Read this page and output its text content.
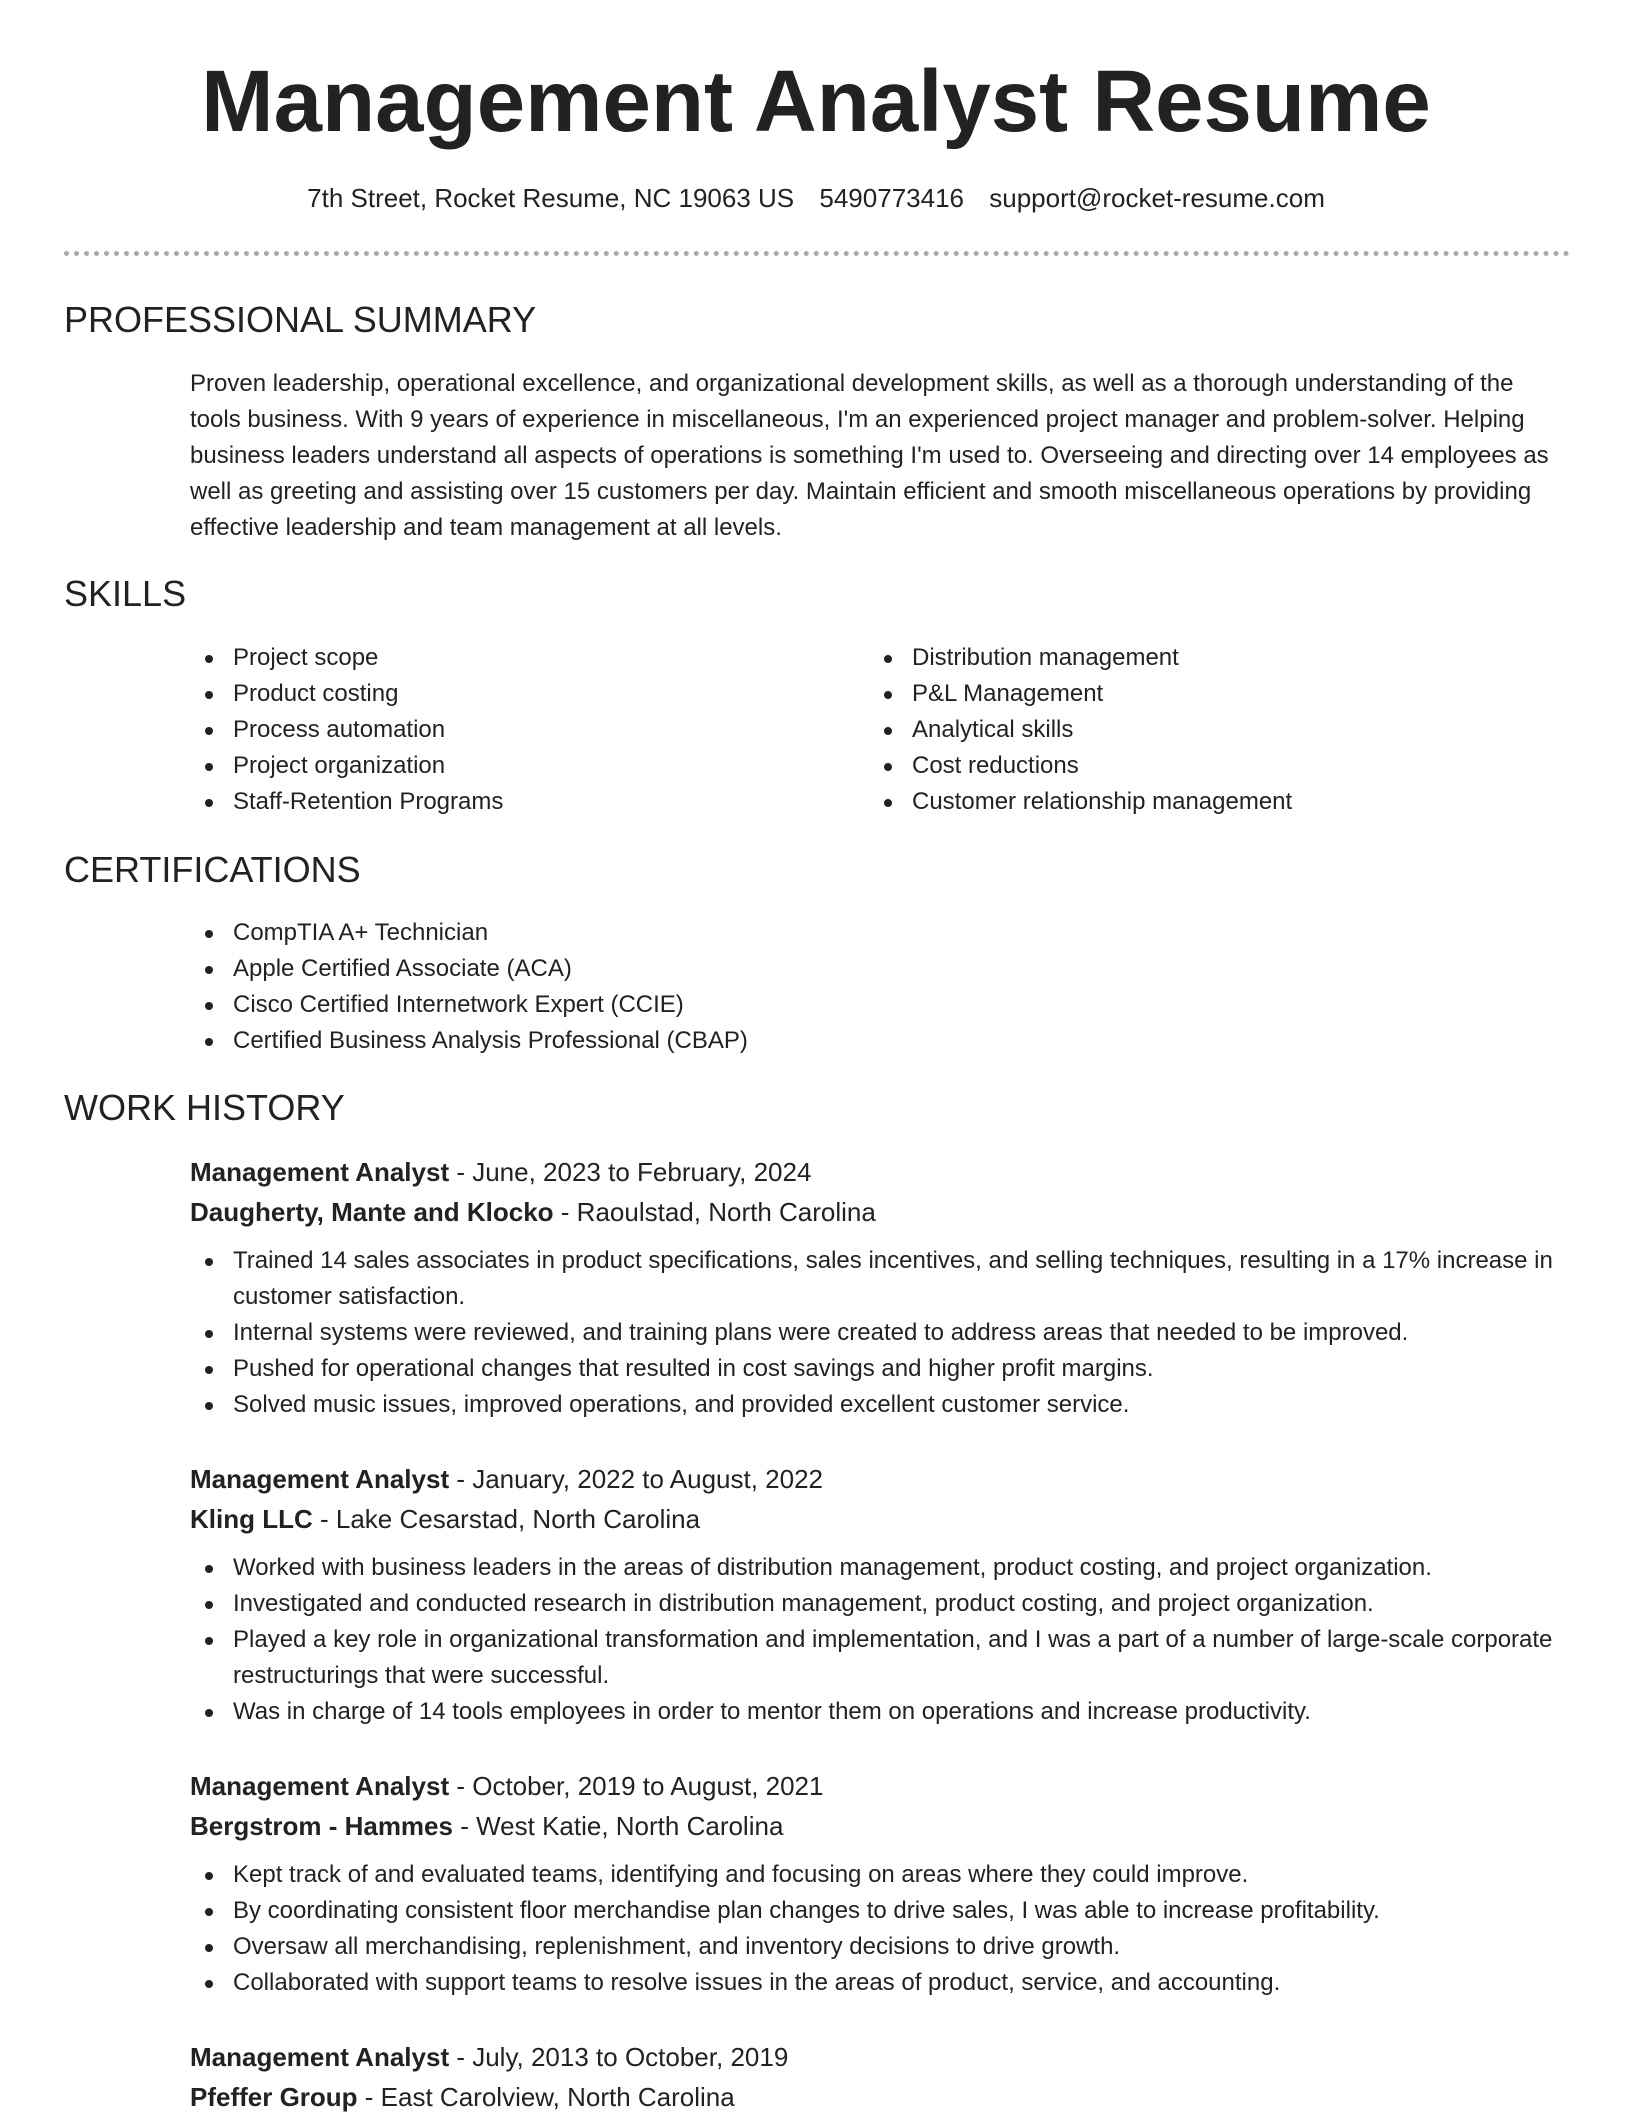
Management Analyst Resume
7th Street, Rocket Resume, NC 19063 US 5490773416 support@rocket-resume.com
PROFESSIONAL SUMMARY

Proven leadership, operational excellence, and organizational development skills, as well as a thorough understanding of the tools business. With 9 years of experience in miscellaneous, I'm an experienced project manager and problem-solver. Helping business leaders understand all aspects of operations is something I'm used to. Overseeing and directing over 14 employees as well as greeting and assisting over 15 customers per day. Maintain efficient and smooth miscellaneous operations by providing effective leadership and team management at all levels.

SKILLS
Project scope
Product costing
Process automation
Project organization
Staff-Retention Programs
Distribution management
P&L Management
Analytical skills
Cost reductions
Customer relationship management
CERTIFICATIONS
CompTIA A+ Technician
Apple Certified Associate (ACA)
Cisco Certified Internetwork Expert (CCIE)
Certified Business Analysis Professional (CBAP)
WORK HISTORY
Management Analyst - June, 2023 to February, 2024
Daugherty, Mante and Klocko - Raoulstad, North Carolina
Trained 14 sales associates in product specifications, sales incentives, and selling techniques, resulting in a 17% increase in customer satisfaction.
Internal systems were reviewed, and training plans were created to address areas that needed to be improved.
Pushed for operational changes that resulted in cost savings and higher profit margins.
Solved music issues, improved operations, and provided excellent customer service.
Management Analyst - January, 2022 to August, 2022
Kling LLC - Lake Cesarstad, North Carolina
Worked with business leaders in the areas of distribution management, product costing, and project organization.
Investigated and conducted research in distribution management, product costing, and project organization.
Played a key role in organizational transformation and implementation, and I was a part of a number of large-scale corporate restructurings that were successful.
Was in charge of 14 tools employees in order to mentor them on operations and increase productivity.
Management Analyst - October, 2019 to August, 2021
Bergstrom - Hammes - West Katie, North Carolina
Kept track of and evaluated teams, identifying and focusing on areas where they could improve.
By coordinating consistent floor merchandise plan changes to drive sales, I was able to increase profitability.
Oversaw all merchandising, replenishment, and inventory decisions to drive growth.
Collaborated with support teams to resolve issues in the areas of product, service, and accounting.
Management Analyst - July, 2013 to October, 2019
Pfeffer Group - East Carolview, North Carolina
